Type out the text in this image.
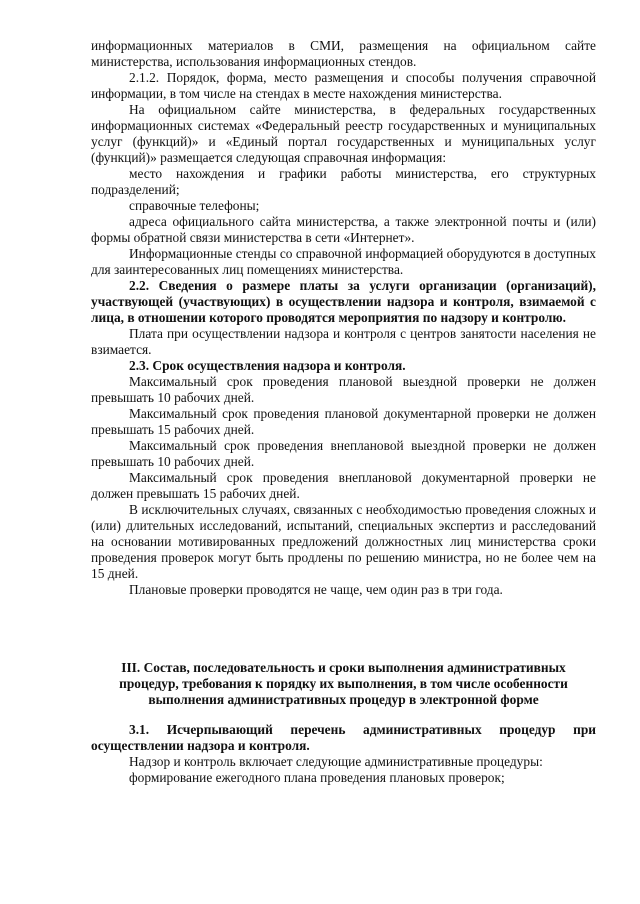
информационных материалов в СМИ, размещения на официальном сайте министерства, использования информационных стендов.

2.1.2. Порядок, форма, место размещения и способы получения справочной информации, в том числе на стендах в месте нахождения министерства.

На официальном сайте министерства, в федеральных государственных информационных системах «Федеральный реестр государственных и муниципальных услуг (функций)» и «Единый портал государственных и муниципальных услуг (функций)» размещается следующая справочная информация:

место нахождения и графики работы министерства, его структурных подразделений;

справочные телефоны;

адреса официального сайта министерства, а также электронной почты и (или) формы обратной связи министерства в сети «Интернет».

Информационные стенды со справочной информацией оборудуются в доступных для заинтересованных лиц помещениях министерства.

2.2. Сведения о размере платы за услуги организации (организаций), участвующей (участвующих) в осуществлении надзора и контроля, взимаемой с лица, в отношении которого проводятся мероприятия по надзору и контролю.

Плата при осуществлении надзора и контроля с центров занятости населения не взимается.

2.3. Срок осуществления надзора и контроля.

Максимальный срок проведения плановой выездной проверки не должен превышать 10 рабочих дней.

Максимальный срок проведения плановой документарной проверки не должен превышать 15 рабочих дней.

Максимальный срок проведения внеплановой выездной проверки не должен превышать 10 рабочих дней.

Максимальный срок проведения внеплановой документарной проверки не должен превышать 15 рабочих дней.

В исключительных случаях, связанных с необходимостью проведения сложных и (или) длительных исследований, испытаний, специальных экспертиз и расследований на основании мотивированных предложений должностных лиц министерства сроки проведения проверок могут быть продлены по решению министра, но не более чем на 15 дней.

Плановые проверки проводятся не чаще, чем один раз в три года.

III. Состав, последовательность и сроки выполнения административных процедур, требования к порядку их выполнения, в том числе особенности выполнения административных процедур в электронной форме

3.1. Исчерпывающий перечень административных процедур при осуществлении надзора и контроля.

Надзор и контроль включает следующие административные процедуры:

формирование ежегодного плана проведения плановых проверок;
